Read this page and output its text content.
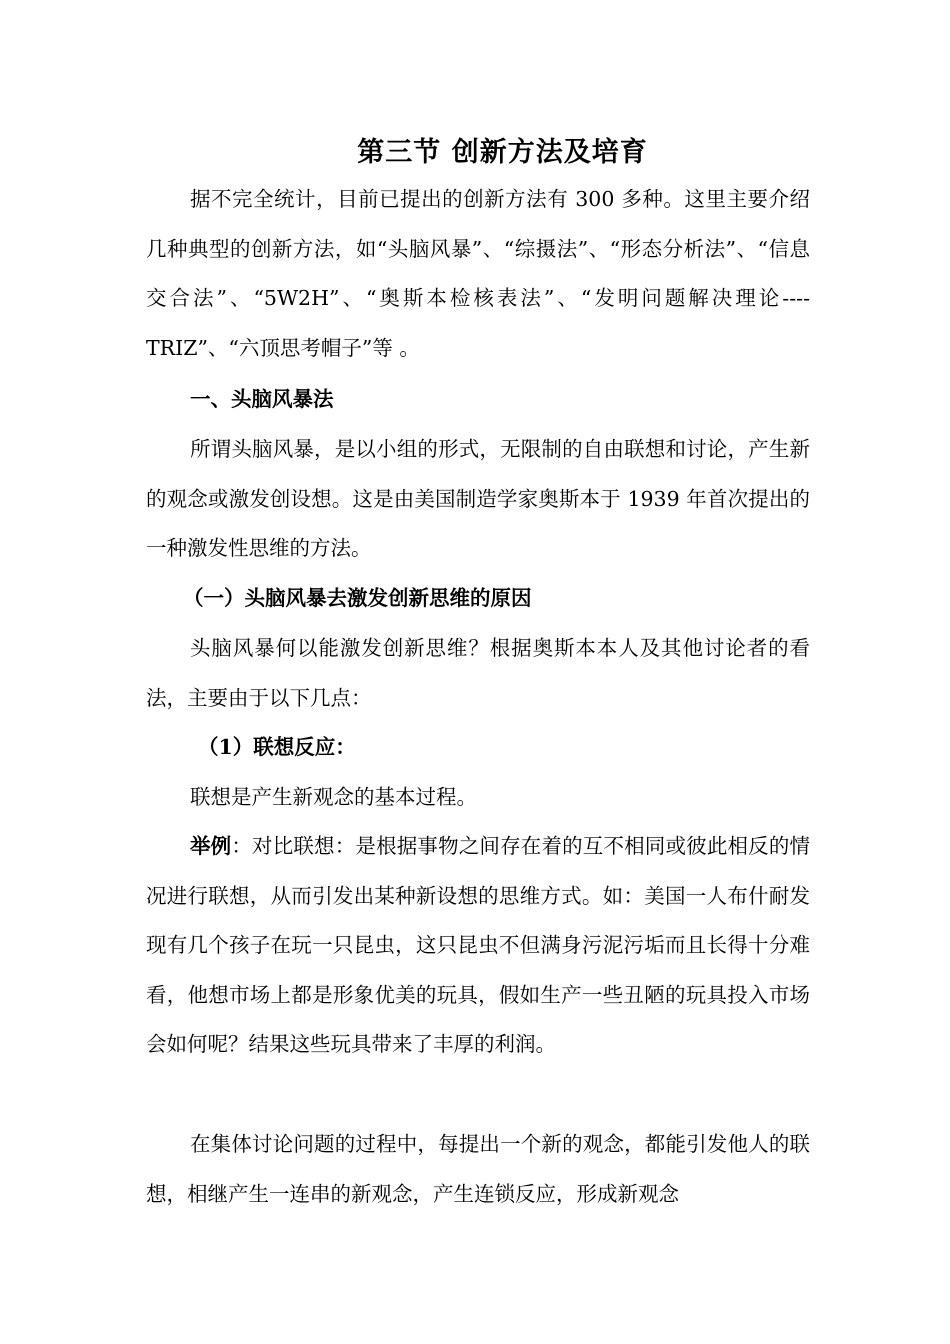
第三节 创新方法及培育

据不完全统计，目前已提出的创新方法有 300 多种。这里主要介绍几种典型的创新方法，如“头脑风暴”、“综摄法”、“形态分析法”、“信息交合法”、“5W2H”、“奥斯本检核表法”、“发明问题解决理论----TRIZ”、“六顶思考帽子”等 。

一、头脑风暴法

所谓头脑风暴，是以小组的形式，无限制的自由联想和讨论，产生新的观念或激发创设想。这是由美国制造学家奥斯本于 1939 年首次提出的一种激发性思维的方法。

（一）头脑风暴去激发创新思维的原因

头脑风暴何以能激发创新思维？根据奥斯本本人及其他讨论者的看法，主要由于以下几点：

（1）联想反应：

联想是产生新观念的基本过程。

举例：对比联想：是根据事物之间存在着的互不相同或彼此相反的情况进行联想，从而引发出某种新设想的思维方式。如：美国一人布什耐发现有几个孩子在玩一只昆虫，这只昆虫不但满身污泥污垢而且长得十分难看，他想市场上都是形象优美的玩具，假如生产一些丑陋的玩具投入市场会如何呢？结果这些玩具带来了丰厚的利润。

在集体讨论问题的过程中，每提出一个新的观念，都能引发他人的联想，相继产生一连串的新观念，产生连锁反应，形成新观念
